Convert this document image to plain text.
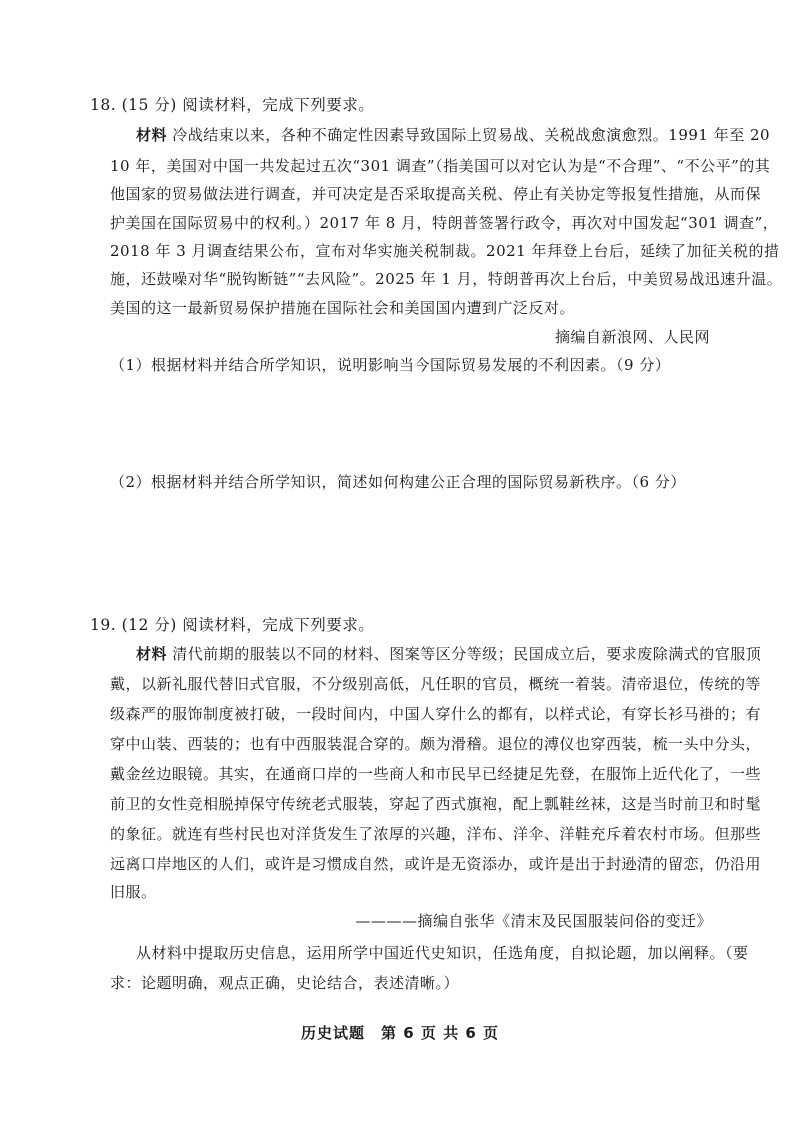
18. (15 分) 阅读材料，完成下列要求。
材料 冷战结束以来，各种不确定性因素导致国际上贸易战、关税战愈演愈烈。1991 年至 20
10 年，美国对中国一共发起过五次“301 调查”（指美国可以对它认为是“不合理”、“不公平”的其
他国家的贸易做法进行调查，并可决定是否采取提高关税、停止有关协定等报复性措施，从而保
护美国在国际贸易中的权利。）2017 年 8 月，特朗普签署行政令，再次对中国发起“301 调查”，
2018 年 3 月调查结果公布，宣布对华实施关税制裁。2021 年拜登上台后，延续了加征关税的措
施，还鼓噪对华“脱钩断链”“去风险”。2025 年 1 月，特朗普再次上台后，中美贸易战迅速升温。
美国的这一最新贸易保护措施在国际社会和美国国内遭到广泛反对。
摘编自新浪网、人民网
（1）根据材料并结合所学知识，说明影响当今国际贸易发展的不利因素。（9 分）
（2）根据材料并结合所学知识，简述如何构建公正合理的国际贸易新秩序。（6 分）
19. (12 分) 阅读材料，完成下列要求。
材料 清代前期的服装以不同的材料、图案等区分等级；民国成立后，要求废除满式的官服顶
戴，以新礼服代替旧式官服，不分级别高低，凡任职的官员，概统一着装。清帝退位，传统的等
级森严的服饰制度被打破，一段时间内，中国人穿什么的都有，以样式论，有穿长衫马褂的；有
穿中山装、西装的；也有中西服装混合穿的。颇为滑稽。退位的溥仪也穿西装，梳一头中分头，
戴金丝边眼镜。其实，在通商口岸的一些商人和市民早已经捷足先登，在服饰上近代化了，一些
前卫的女性竞相脱掉保守传统老式服装，穿起了西式旗袍，配上瓢鞋丝袜，这是当时前卫和时髦
的象征。就连有些村民也对洋货发生了浓厚的兴趣，洋布、洋伞、洋鞋充斥着农村市场。但那些
远离口岸地区的人们，或许是习惯成自然，或许是无资添办，或许是出于封逊清的留恋，仍沿用
旧服。
————摘编自张华《清末及民国服装问俗的变迁》
从材料中提取历史信息，运用所学中国近代史知识，任选角度，自拟论题，加以阐释。（要
求：论题明确，观点正确，史论结合，表述清晰。）
历史试题　第 6 页 共 6 页
